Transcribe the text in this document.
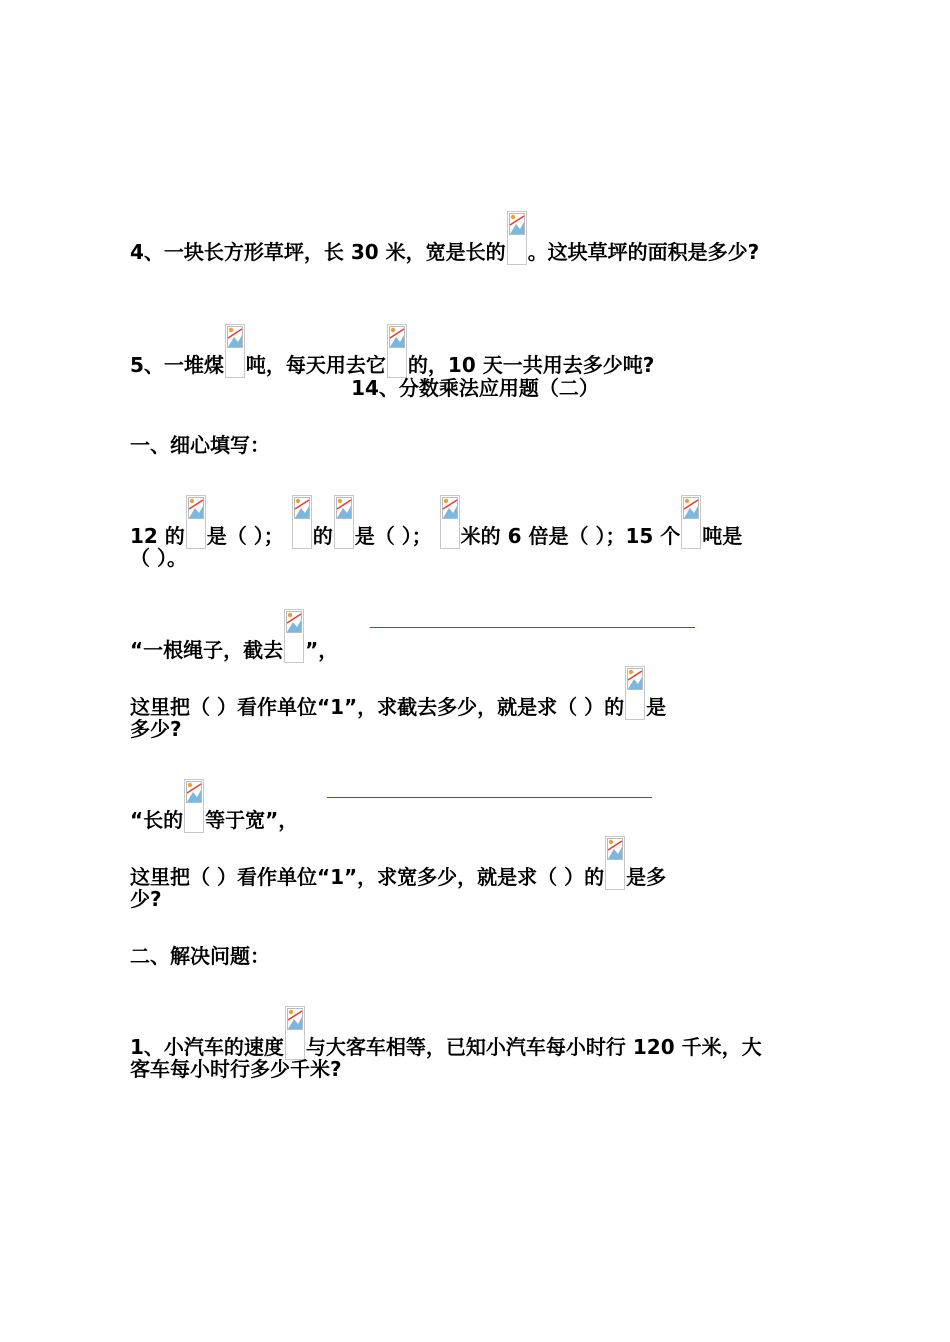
4、一块长方形草坪，长 30 米，宽是长的 。这块草坪的面积是多少?
5、一堆煤 吨，每天用去它 的，10 天一共用去多少吨?
14、分数乘法应用题（二）
一、细心填写：
12 的 是（ ）； 的 是（ ）； 米的 6 倍是（ ）；15 个 吨是
（ ）。
“一根绳子，截去 ”，
这里把（ ）看作单位“1”，求截去多少，就是求（ ）的 是
多少?
“长的 等于宽”，
这里把（ ）看作单位“1”，求宽多少，就是求（ ）的 是多
少?
二、解决问题：
1、小汽车的速度 与大客车相等，已知小汽车每小时行 120 千米，大
客车每小时行多少千米?
